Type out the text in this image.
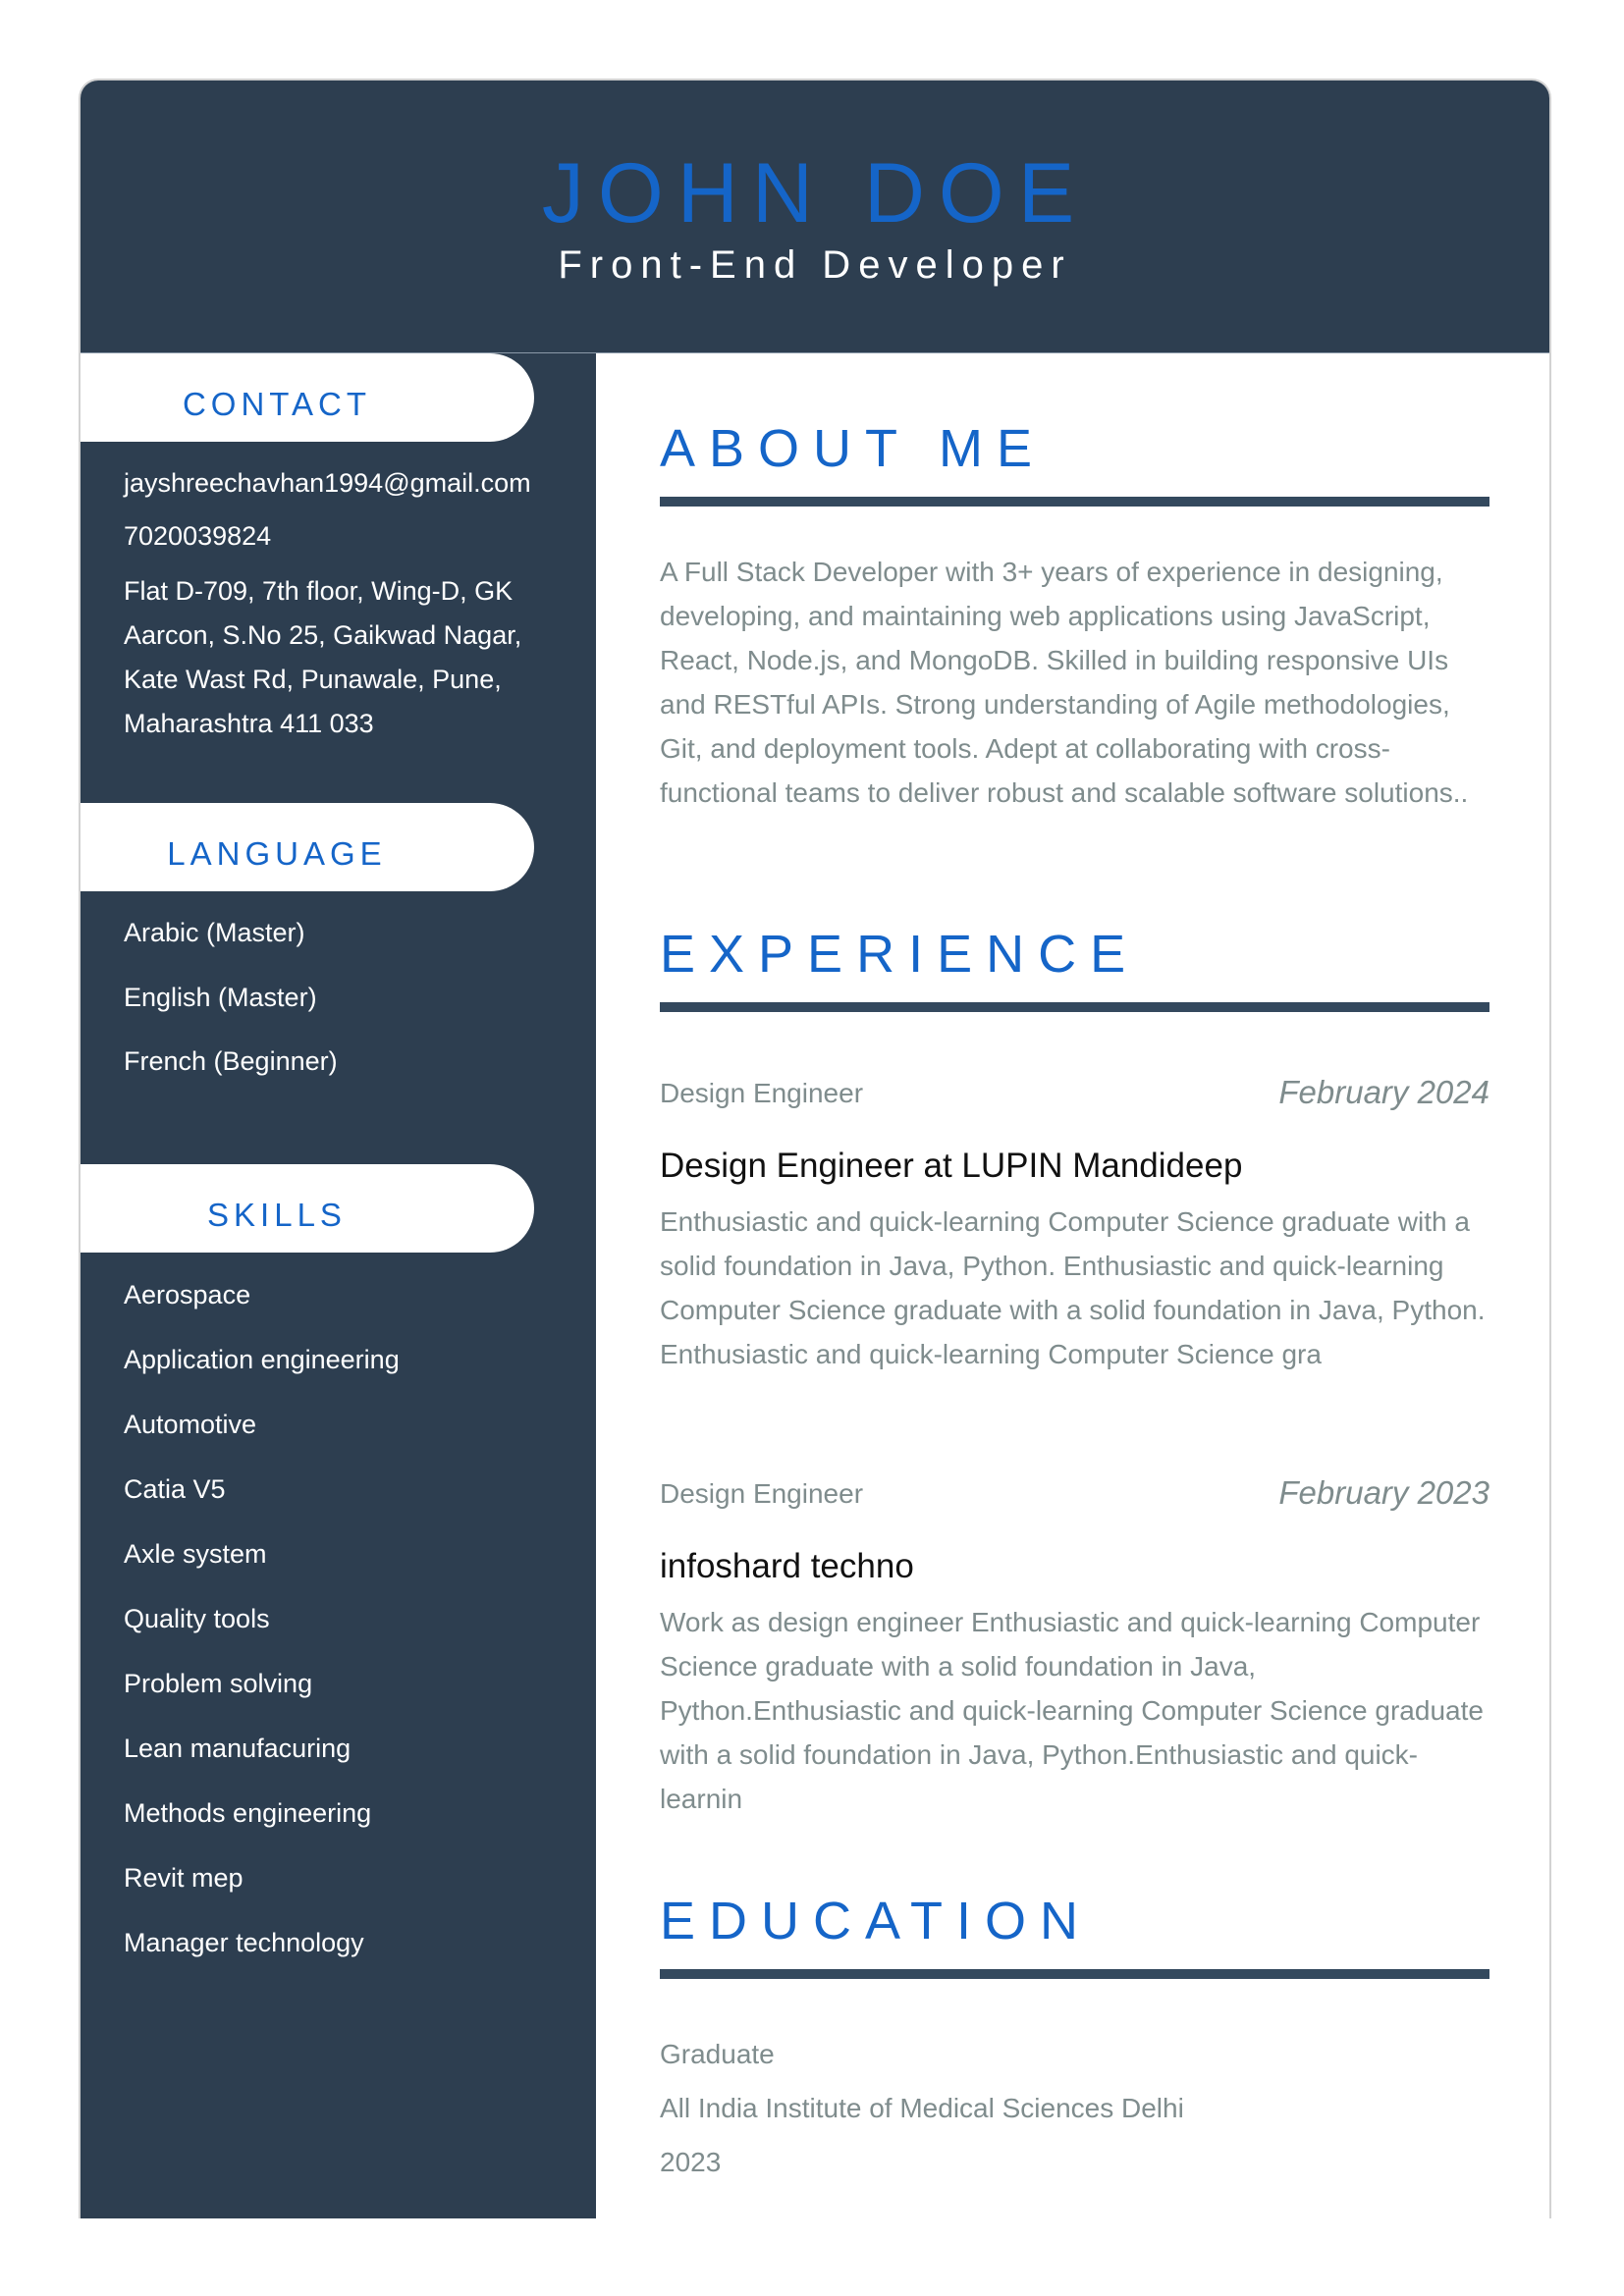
JOHN DOE
Front-End Developer
CONTACT
jayshreechavhan1994@gmail.com
7020039824
Flat D-709, 7th floor, Wing-D, GK
Aarcon, S.No 25, Gaikwad Nagar,
Kate Wast Rd, Punawale, Pune,
Maharashtra 411 033
LANGUAGE
Arabic (Master)
English (Master)
French (Beginner)
SKILLS
Aerospace
Application engineering
Automotive
Catia V5
Axle system
Quality tools
Problem solving
Lean manufacuring
Methods engineering
Revit mep
Manager technology
ABOUT ME

A Full Stack Developer with 3+ years of experience in designing, developing, and maintaining web applications using JavaScript, React, Node.js, and MongoDB. Skilled in building responsive UIs and RESTful APIs. Strong understanding of Agile methodologies, Git, and deployment tools. Adept at collaborating with cross-functional teams to deliver robust and scalable software solutions..

EXPERIENCE
Design Engineer	February 2024
Design Engineer at LUPIN Mandideep

Enthusiastic and quick-learning Computer Science graduate with a solid foundation in Java, Python. Enthusiastic and quick-learning Computer Science graduate with a solid foundation in Java, Python. Enthusiastic and quick-learning Computer Science gra

Design Engineer	February 2023
infoshard techno

Work as design engineer Enthusiastic and quick-learning Computer Science graduate with a solid foundation in Java, Python.Enthusiastic and quick-learning Computer Science graduate with a solid foundation in Java, Python.Enthusiastic and quick-learnin

EDUCATION
Graduate
All India Institute of Medical Sciences Delhi
2023
